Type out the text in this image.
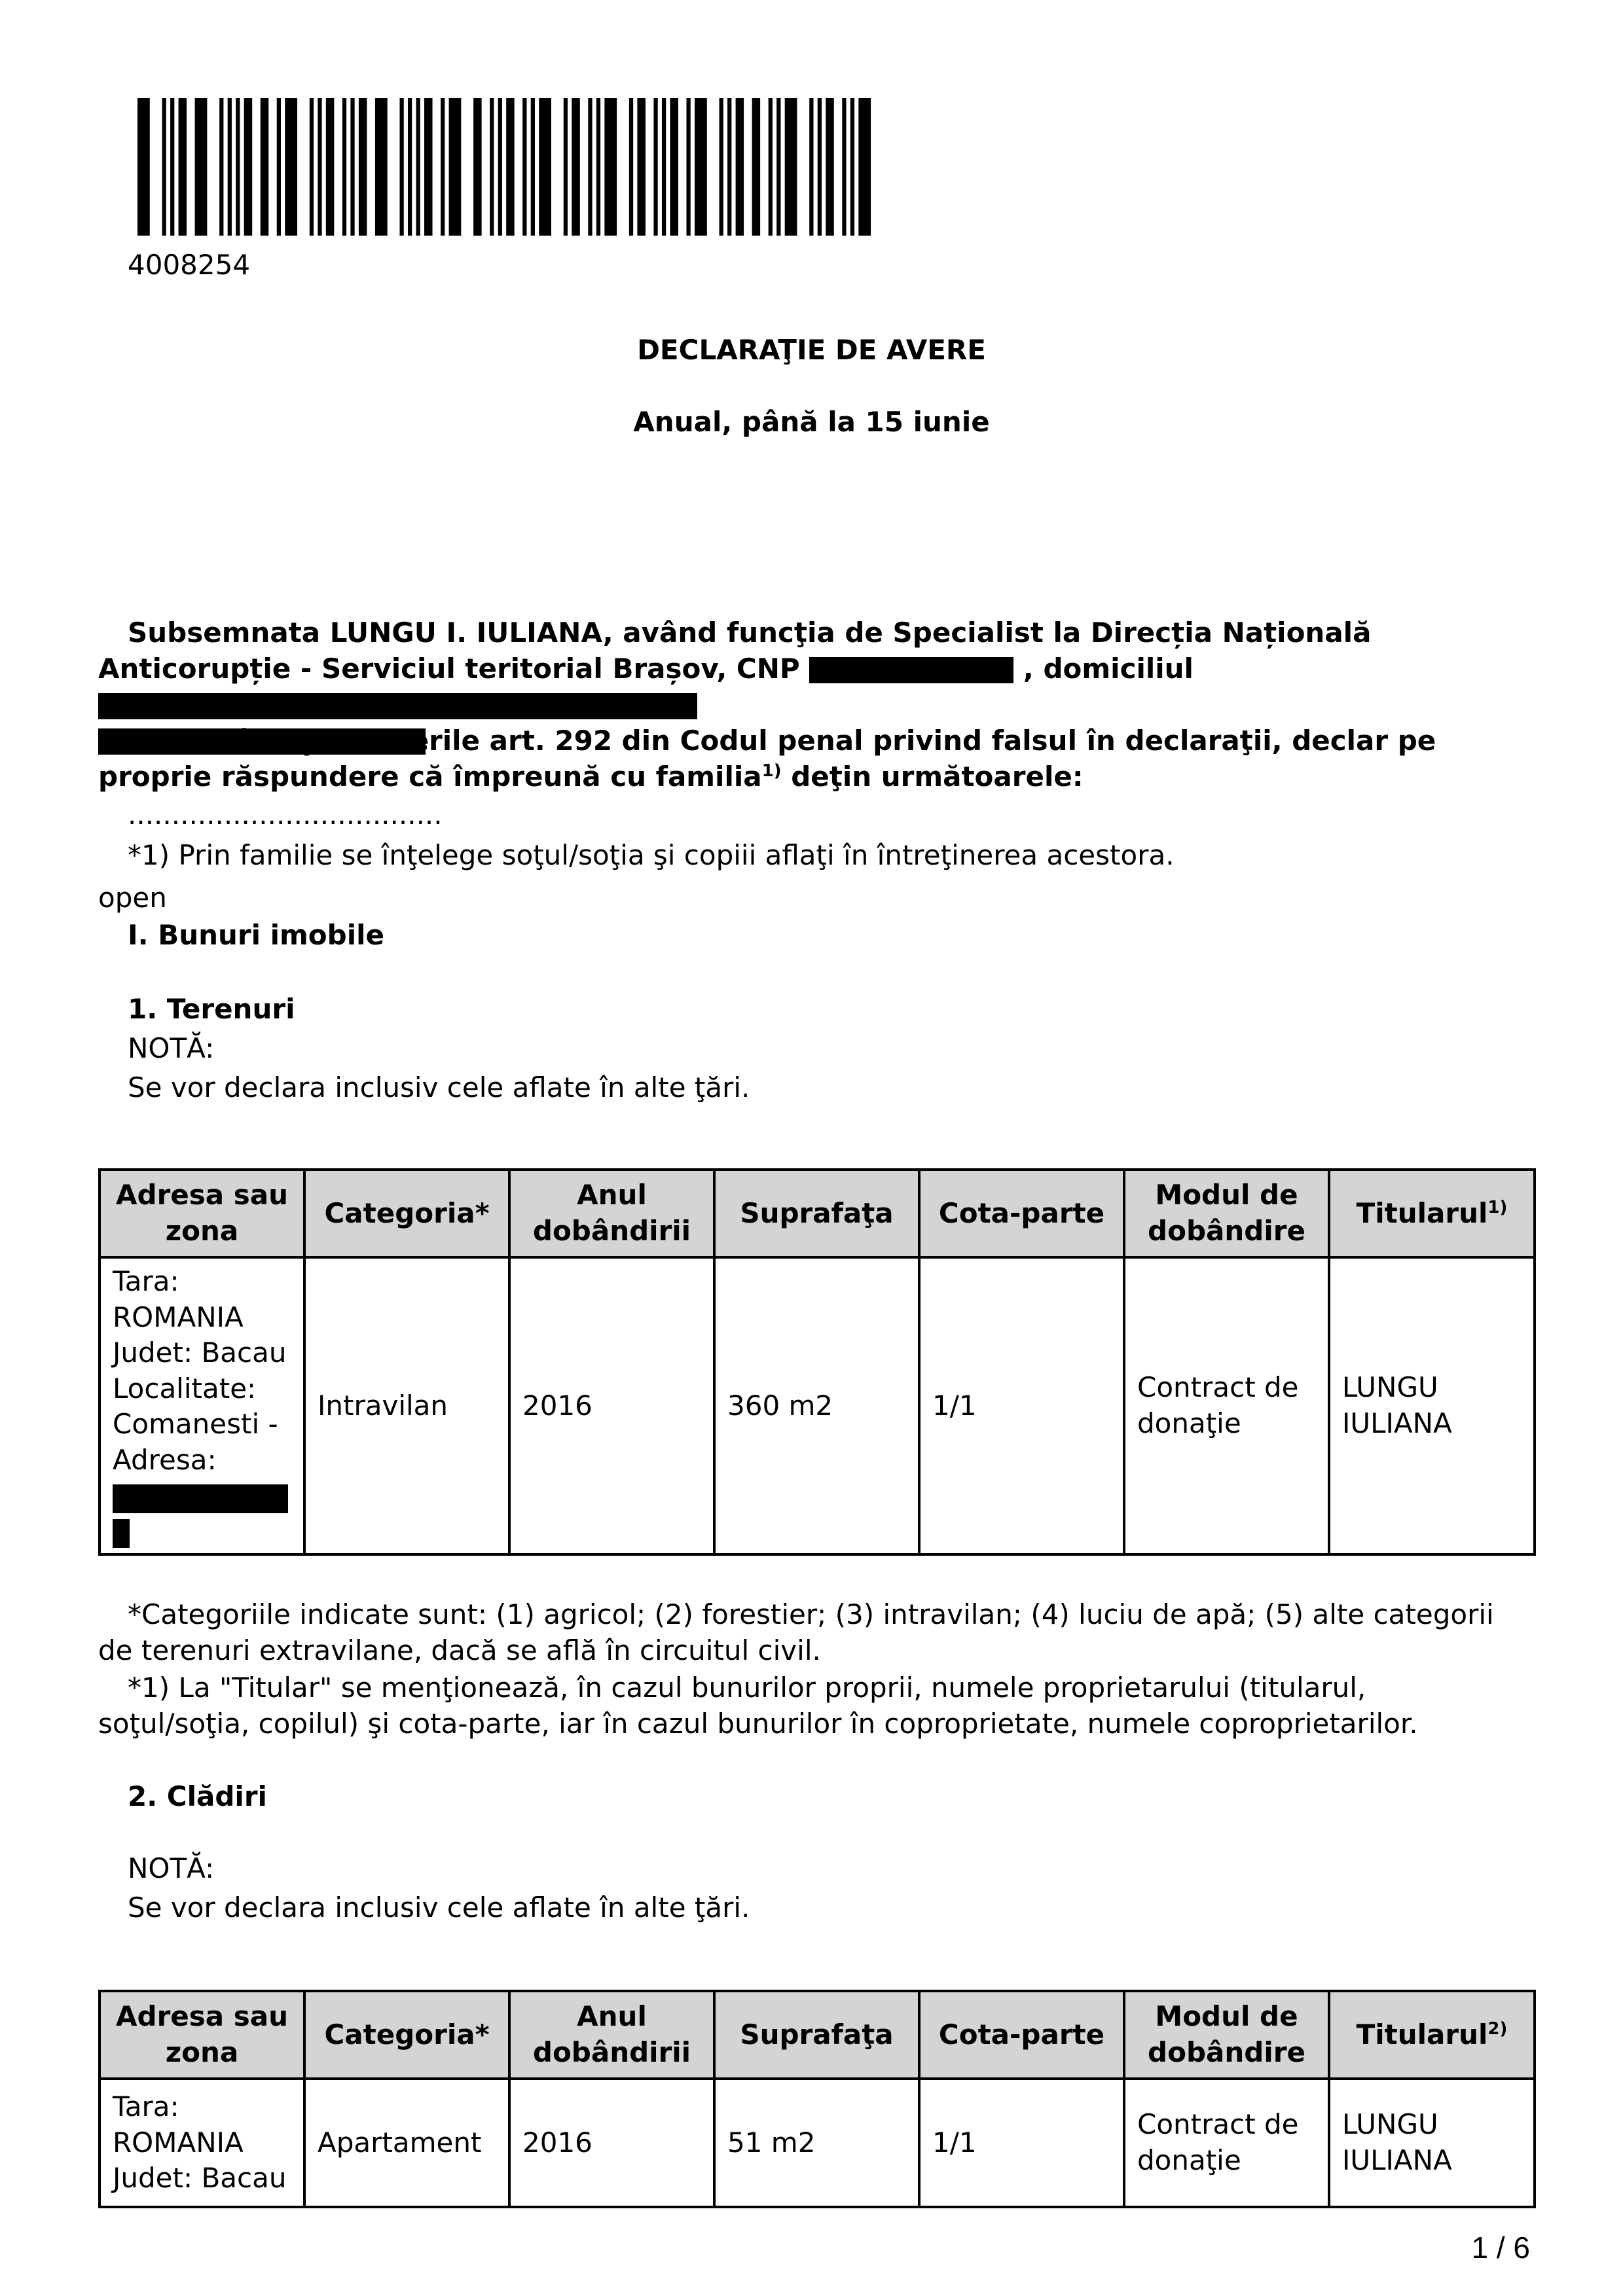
4008254
DECLARAŢIE DE AVERE
Anual, până la 15 iunie
Subsemnata LUNGU I. IULIANA, având funcţia de Specialist la Direcția Națională Anticorupție - Serviciul teritorial Brașov, CNP	, domiciliul

cunoscând prevederile art. 292 din Codul penal privind falsul în declaraţii, declar pe proprie răspundere că împreună cu familia$^{1)}$ deţin următoarele:
....................................
*1) Prin familie se înţelege soţul/soţia şi copiii aflaţi în întreţinerea acestora.
open
I. Bunuri imobile
1. Terenuri
NOTĂ:
Se vor declara inclusiv cele aflate în alte ţări.
Adresa sau zona	Categoria*	Anul dobândirii	Suprafaţa	Cota-parte	Modul de dobândire	Titularul$^{1)}$

Tara: ROMANIA
Judet: Bacau
Localitate: Comanesti - Adresa:	Intravilan	2016	360 m2	1/1	Contract de donaţie	LUNGU IULIANA
*Categoriile indicate sunt: (1) agricol; (2) forestier; (3) intravilan; (4) luciu de apă; (5) alte categorii de terenuri extravilane, dacă se află în circuitul civil.
*1) La "Titular" se menţionează, în cazul bunurilor proprii, numele proprietarului (titularul, soţul/soţia, copilul) şi cota-parte, iar în cazul bunurilor în coproprietate, numele coproprietarilor.
2. Clădiri
NOTĂ:
Se vor declara inclusiv cele aflate în alte ţări.
Adresa sau zona	Categoria*	Anul dobândirii	Suprafaţa	Cota-parte	Modul de dobândire	Titularul$^{2)}$

Tara: ROMANIA
Judet: Bacau	Apartament	2016	51 m2	1/1	Contract de donaţie	LUNGU IULIANA
1 / 6
